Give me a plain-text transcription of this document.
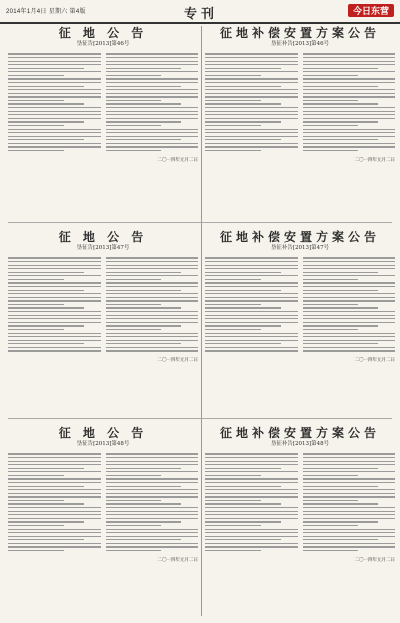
2014年1月4日 星期六 第4版	专刊	今日东营
征 地 公 告
垦征告[2013]第46号
二〇一四年元月二日
征 地 公 告
垦征告[2013]第47号
二〇一四年元月二日
征 地 公 告
垦征告[2013]第48号
二〇一四年元月二日
征地补偿安置方案公告
垦征补告[2013]第46号
二〇一四年元月二日
征地补偿安置方案公告
垦征补告[2013]第47号
二〇一四年元月二日
征地补偿安置方案公告
垦征补告[2013]第48号
二〇一四年元月二日
